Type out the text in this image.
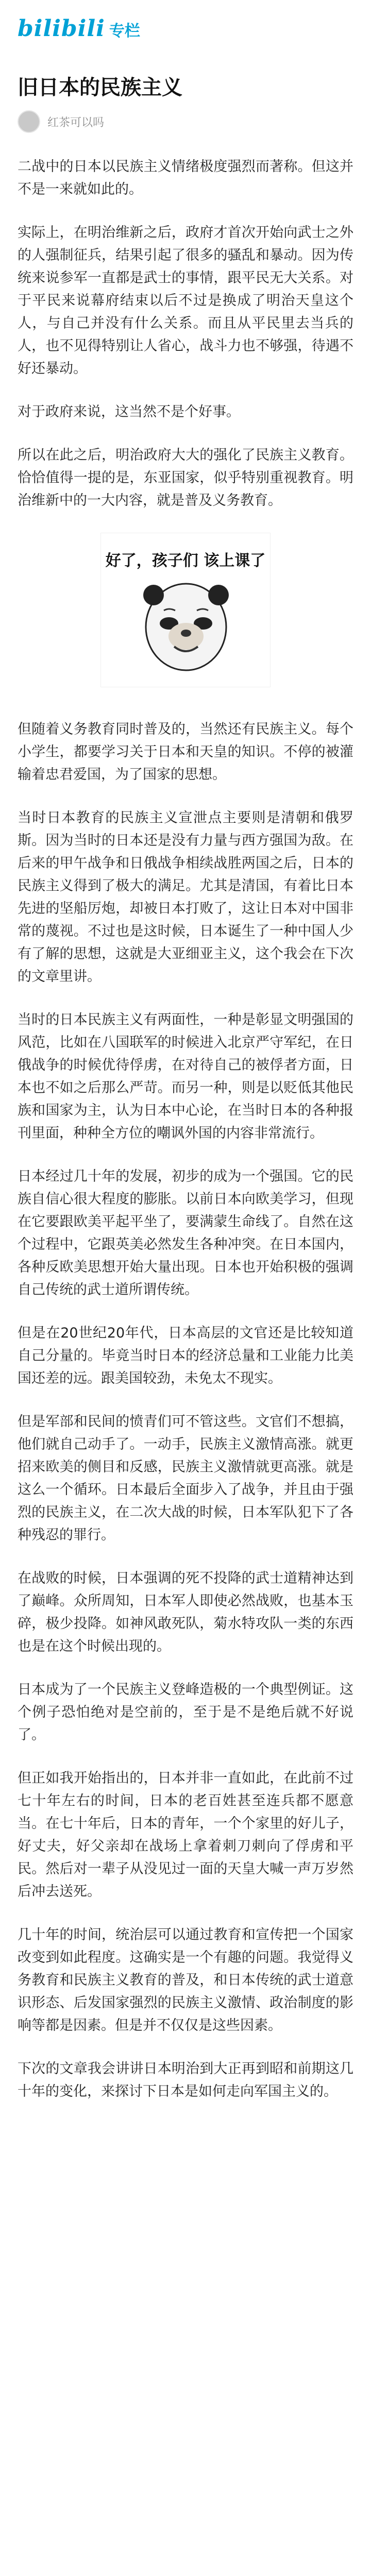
bilibili 专栏
旧日本的民族主义
红茶可以吗

二战中的日本以民族主义情绪极度强烈而著称。但这并不是一来就如此的。

实际上，在明治维新之后，政府才首次开始向武士之外的人强制征兵，结果引起了很多的骚乱和暴动。因为传统来说参军一直都是武士的事情，跟平民无大关系。对于平民来说幕府结束以后不过是换成了明治天皇这个人，与自己并没有什么关系。而且从平民里去当兵的人，也不见得特别让人省心，战斗力也不够强，待遇不好还暴动。

对于政府来说，这当然不是个好事。

所以在此之后，明治政府大大的强化了民族主义教育。恰恰值得一提的是，东亚国家，似乎特别重视教育。明治维新中的一大内容，就是普及义务教育。

好了，孩子们 该上课了

但随着义务教育同时普及的，当然还有民族主义。每个小学生，都要学习关于日本和天皇的知识。不停的被灌输着忠君爱国，为了国家的思想。

当时日本教育的民族主义宣泄点主要则是清朝和俄罗斯。因为当时的日本还是没有力量与西方强国为敌。在后来的甲午战争和日俄战争相续战胜两国之后，日本的民族主义得到了极大的满足。尤其是清国，有着比日本先进的坚船厉炮，却被日本打败了，这让日本对中国非常的蔑视。不过也是这时候，日本诞生了一种中国人少有了解的思想，这就是大亚细亚主义，这个我会在下次的文章里讲。

当时的日本民族主义有两面性，一种是彰显文明强国的风范，比如在八国联军的时候进入北京严守军纪，在日俄战争的时候优待俘虏，在对待自己的被俘者方面，日本也不如之后那么严苛。而另一种，则是以贬低其他民族和国家为主，认为日本中心论，在当时日本的各种报刊里面，种种全方位的嘲讽外国的内容非常流行。

日本经过几十年的发展，初步的成为一个强国。它的民族自信心很大程度的膨胀。以前日本向欧美学习，但现在它要跟欧美平起平坐了，要满蒙生命线了。自然在这个过程中，它跟英美必然发生各种冲突。在日本国内，各种反欧美思想开始大量出现。日本也开始积极的强调自己传统的武士道所谓传统。

但是在20世纪20年代，日本高层的文官还是比较知道自己分量的。毕竟当时日本的经济总量和工业能力比美国还差的远。跟美国较劲，未免太不现实。

但是军部和民间的愤青们可不管这些。文官们不想搞，他们就自己动手了。一动手，民族主义激情高涨。就更招来欧美的侧目和反感，民族主义激情就更高涨。就是这么一个循环。日本最后全面步入了战争，并且由于强烈的民族主义，在二次大战的时候，日本军队犯下了各种残忍的罪行。

在战败的时候，日本强调的死不投降的武士道精神达到了巅峰。众所周知，日本军人即使必然战败，也基本玉碎，极少投降。如神风敢死队，菊水特攻队一类的东西也是在这个时候出现的。

日本成为了一个民族主义登峰造极的一个典型例证。这个例子恐怕绝对是空前的，至于是不是绝后就不好说了。

但正如我开始指出的，日本并非一直如此，在此前不过七十年左右的时间，日本的老百姓甚至连兵都不愿意当。在七十年后，日本的青年，一个个家里的好儿子，好丈夫，好父亲却在战场上拿着刺刀刺向了俘虏和平民。然后对一辈子从没见过一面的天皇大喊一声万岁然后冲去送死。

几十年的时间，统治层可以通过教育和宣传把一个国家改变到如此程度。这确实是一个有趣的问题。我觉得义务教育和民族主义教育的普及，和日本传统的武士道意识形态、后发国家强烈的民族主义激情、政治制度的影响等都是因素。但是并不仅仅是这些因素。

下次的文章我会讲讲日本明治到大正再到昭和前期这几十年的变化，来探讨下日本是如何走向军国主义的。
